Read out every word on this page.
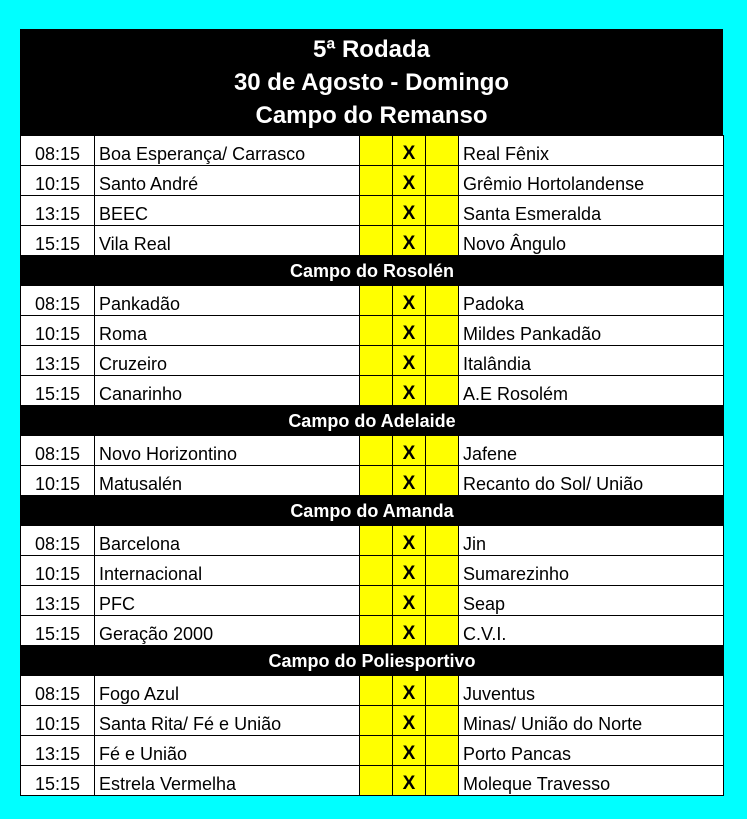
5ª Rodada
30 de Agosto - Domingo
Campo do Remanso
08:15	Boa Esperança/ Carrasco		X		Real Fênix
10:15	Santo André		X		Grêmio Hortolandense
13:15	BEEC		X		Santa Esmeralda
15:15	Vila Real		X		Novo Ângulo
Campo do Rosolén					
08:15	Pankadão		X		Padoka
10:15	Roma		X		Mildes Pankadão
13:15	Cruzeiro		X		Italândia
15:15	Canarinho		X		A.E Rosolém
Campo do Adelaide					
08:15	Novo Horizontino		X		Jafene
10:15	Matusalén		X		Recanto do Sol/ União
Campo do Amanda					
08:15	Barcelona		X		Jin
10:15	Internacional		X		Sumarezinho
13:15	PFC		X		Seap
15:15	Geração 2000		X		C.V.I.
Campo do Poliesportivo					
08:15	Fogo Azul		X		Juventus
10:15	Santa Rita/ Fé e União		X		Minas/ União do Norte
13:15	Fé e União		X		Porto Pancas
15:15	Estrela Vermelha		X		Moleque Travesso
